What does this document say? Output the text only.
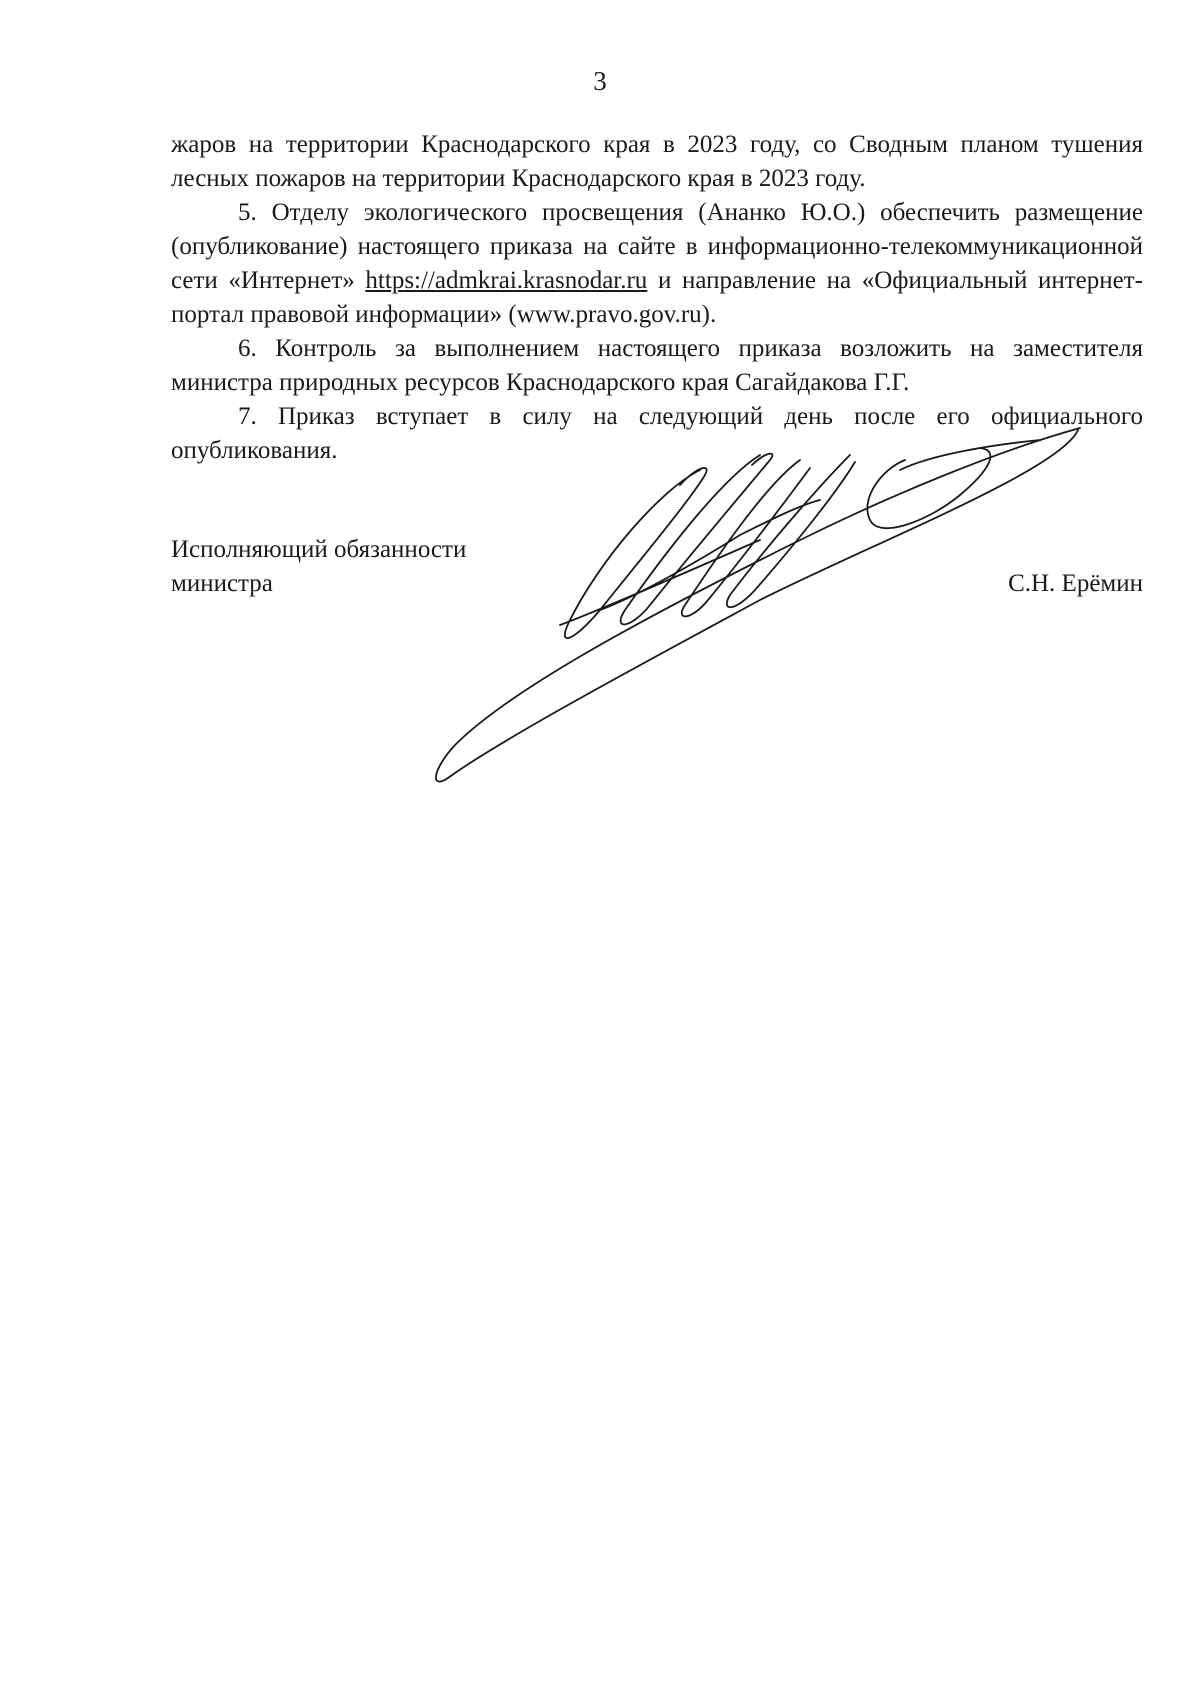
3

жаров на территории Краснодарского края в 2023 году, со Сводным планом тушения лесных пожаров на территории Краснодарского края в 2023 году.

5. Отделу экологического просвещения (Ананко Ю.О.) обеспечить размещение (опубликование) настоящего приказа на сайте в информационно-телекоммуникационной сети «Интернет» https://admkrai.krasnodar.ru и направление на «Официальный интернет-портал правовой информации» (www.pravo.gov.ru).

6. Контроль за выполнением настоящего приказа возложить на заместителя министра природных ресурсов Краснодарского края Сагайдакова Г.Г.

7. Приказ вступает в силу на следующий день после его официального опубликования.

Исполняющий обязанности
министра	С.Н. Ерёмин
